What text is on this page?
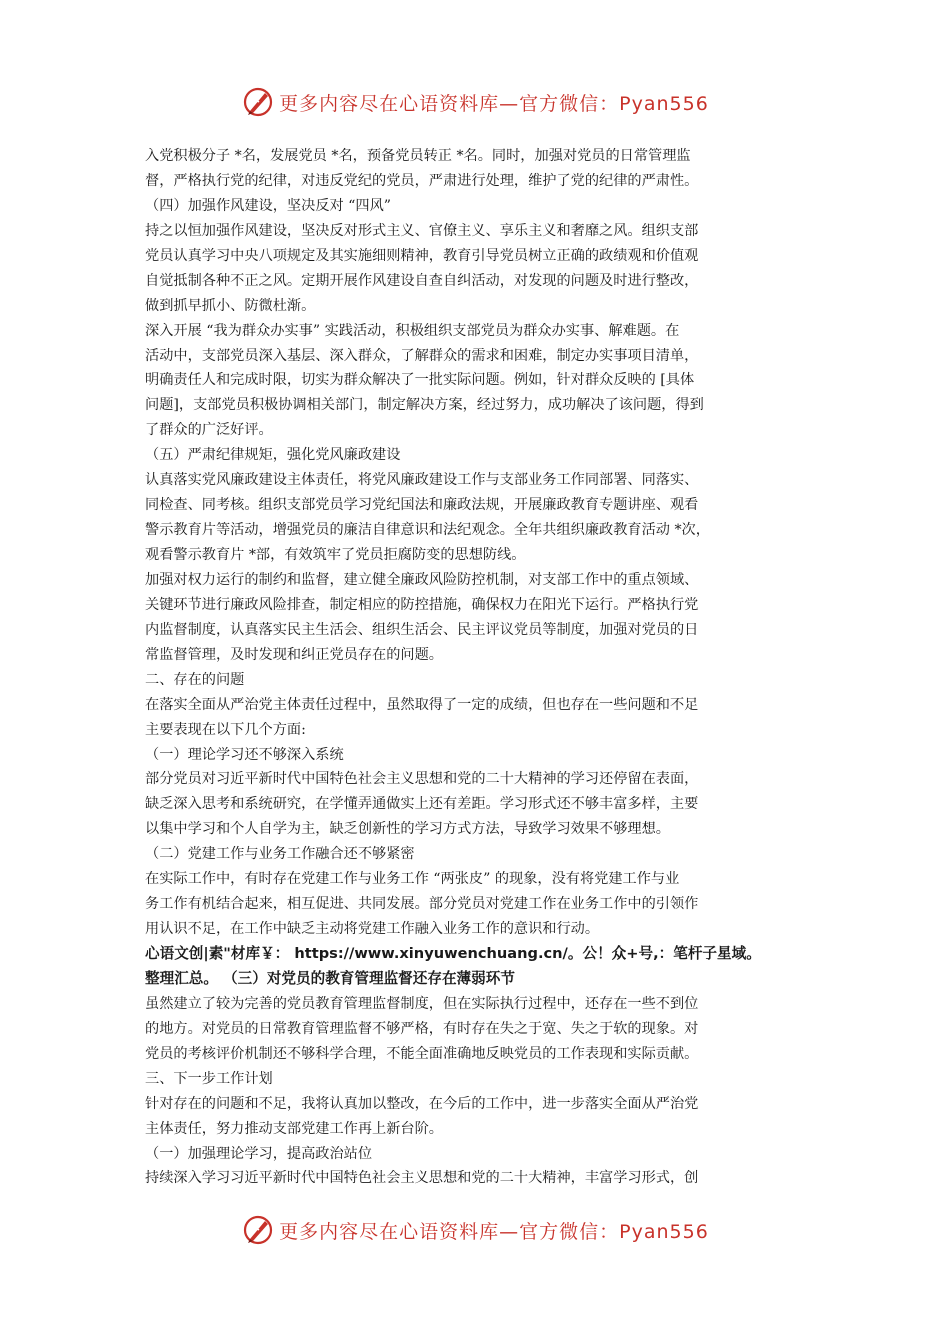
更多内容尽在心语资料库—官方微信：Pyan556
入党积极分子 *名，发展党员 *名，预备党员转正 *名。同时，加强对党员的日常管理监
督，严格执行党的纪律，对违反党纪的党员，严肃进行处理，维护了党的纪律的严肃性。
（四）加强作风建设，坚决反对 “四风”
持之以恒加强作风建设，坚决反对形式主义、官僚主义、享乐主义和奢靡之风。组织支部
党员认真学习中央八项规定及其实施细则精神，教育引导党员树立正确的政绩观和价值观
自觉抵制各种不正之风。定期开展作风建设自查自纠活动，对发现的问题及时进行整改，
做到抓早抓小、防微杜渐。
深入开展 “我为群众办实事” 实践活动，积极组织支部党员为群众办实事、解难题。在
活动中，支部党员深入基层、深入群众，了解群众的需求和困难，制定办实事项目清单，
明确责任人和完成时限，切实为群众解决了一批实际问题。例如，针对群众反映的 [具体
问题]，支部党员积极协调相关部门，制定解决方案，经过努力，成功解决了该问题，得到
了群众的广泛好评。
（五）严肃纪律规矩，强化党风廉政建设
认真落实党风廉政建设主体责任，将党风廉政建设工作与支部业务工作同部署、同落实、
同检查、同考核。组织支部党员学习党纪国法和廉政法规，开展廉政教育专题讲座、观看
警示教育片等活动，增强党员的廉洁自律意识和法纪观念。全年共组织廉政教育活动 *次，
观看警示教育片 *部，有效筑牢了党员拒腐防变的思想防线。
加强对权力运行的制约和监督，建立健全廉政风险防控机制，对支部工作中的重点领域、
关键环节进行廉政风险排查，制定相应的防控措施，确保权力在阳光下运行。严格执行党
内监督制度，认真落实民主生活会、组织生活会、民主评议党员等制度，加强对党员的日
常监督管理，及时发现和纠正党员存在的问题。
二、存在的问题
在落实全面从严治党主体责任过程中，虽然取得了一定的成绩，但也存在一些问题和不足
主要表现在以下几个方面:
（一）理论学习还不够深入系统
部分党员对习近平新时代中国特色社会主义思想和党的二十大精神的学习还停留在表面，
缺乏深入思考和系统研究，在学懂弄通做实上还有差距。学习形式还不够丰富多样，主要
以集中学习和个人自学为主，缺乏创新性的学习方式方法，导致学习效果不够理想。
（二）党建工作与业务工作融合还不够紧密
在实际工作中，有时存在党建工作与业务工作 “两张皮” 的现象，没有将党建工作与业
务工作有机结合起来，相互促进、共同发展。部分党员对党建工作在业务工作中的引领作
用认识不足，在工作中缺乏主动将党建工作融入业务工作的意识和行动。
心语文创|素"材库￥： https://www.xinyuwenchuang.cn/。公！众+号,：笔杆子星域。
整理汇总。 （三）对党员的教育管理监督还存在薄弱环节
虽然建立了较为完善的党员教育管理监督制度，但在实际执行过程中，还存在一些不到位
的地方。对党员的日常教育管理监督不够严格，有时存在失之于宽、失之于软的现象。对
党员的考核评价机制还不够科学合理，不能全面准确地反映党员的工作表现和实际贡献。
三、下一步工作计划
针对存在的问题和不足，我将认真加以整改，在今后的工作中，进一步落实全面从严治党
主体责任，努力推动支部党建工作再上新台阶。
（一）加强理论学习，提高政治站位
持续深入学习习近平新时代中国特色社会主义思想和党的二十大精神，丰富学习形式，创
更多内容尽在心语资料库—官方微信：Pyan556
